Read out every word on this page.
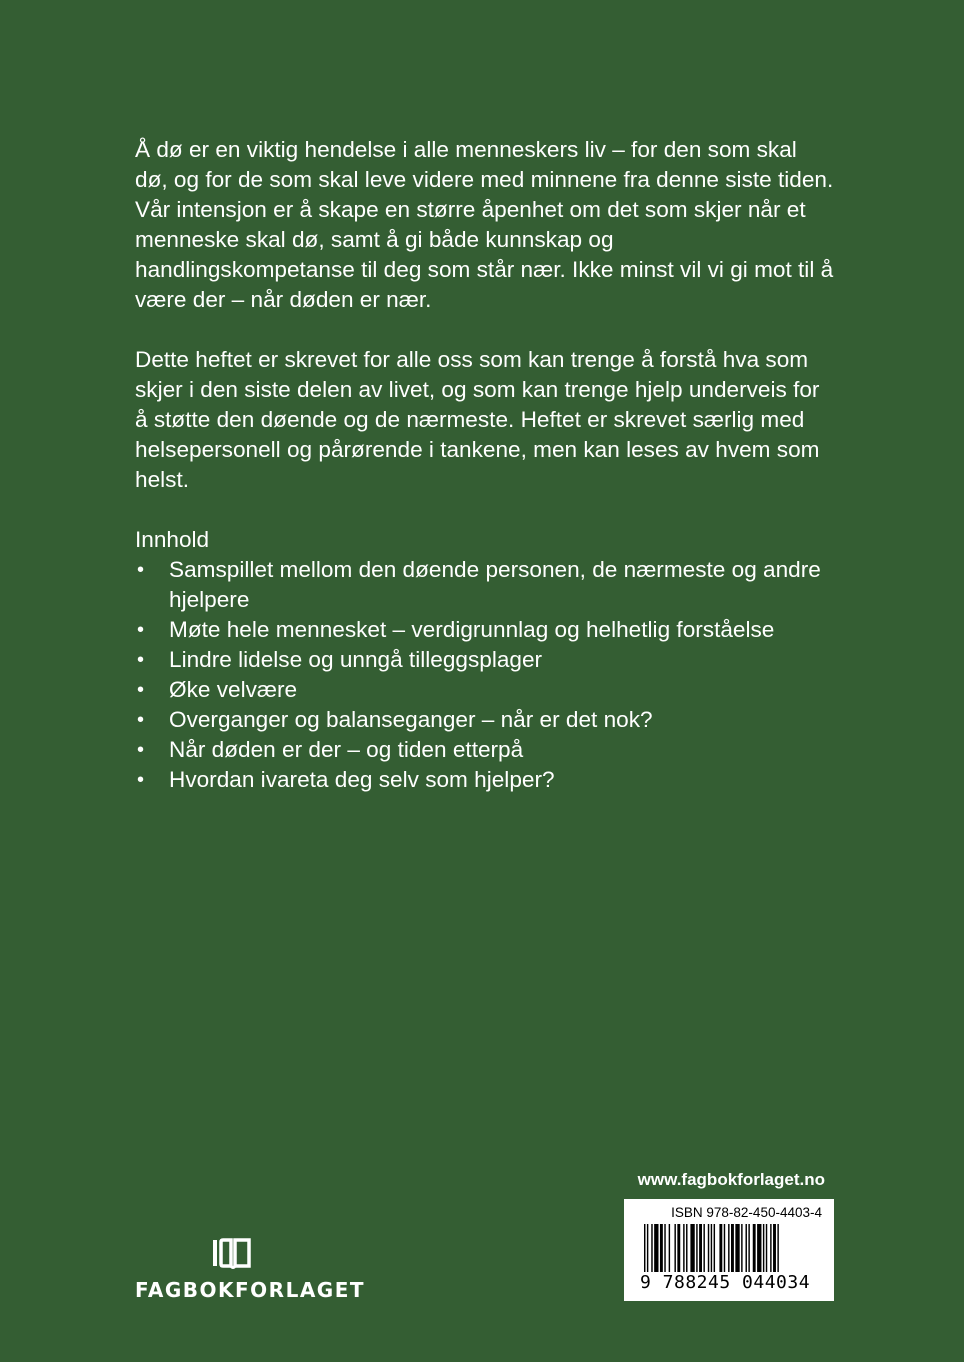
Å dø er en viktig hendelse i alle menneskers liv – for den som skal dø, og for de som skal leve videre med minnene fra denne siste tiden. Vår intensjon er å skape en større åpenhet om det som skjer når et menneske skal dø, samt å gi både kunnskap og handlingskompetanse til deg som står nær. Ikke minst vil vi gi mot til å være der – når døden er nær.

Dette heftet er skrevet for alle oss som kan trenge å forstå hva som skjer i den siste delen av livet, og som kan trenge hjelp underveis for å støtte den døende og de nærmeste. Heftet er skrevet særlig med helsepersonell og pårørende i tankene, men kan leses av hvem som helst.

Innhold

• Samspillet mellom den døende personen, de nærmeste og andre hjelpere
• Møte hele mennesket – verdigrunnlag og helhetlig forståelse
• Lindre lidelse og unngå tilleggsplager
• Øke velvære
• Overganger og balanseganger – når er det nok?
• Når døden er der – og tiden etterpå
• Hvordan ivareta deg selv som hjelper?
www.fagbokforlaget.no
ISBN 978-82-450-4403-4
9 788245 044034
FAGBOKFORLAGET
